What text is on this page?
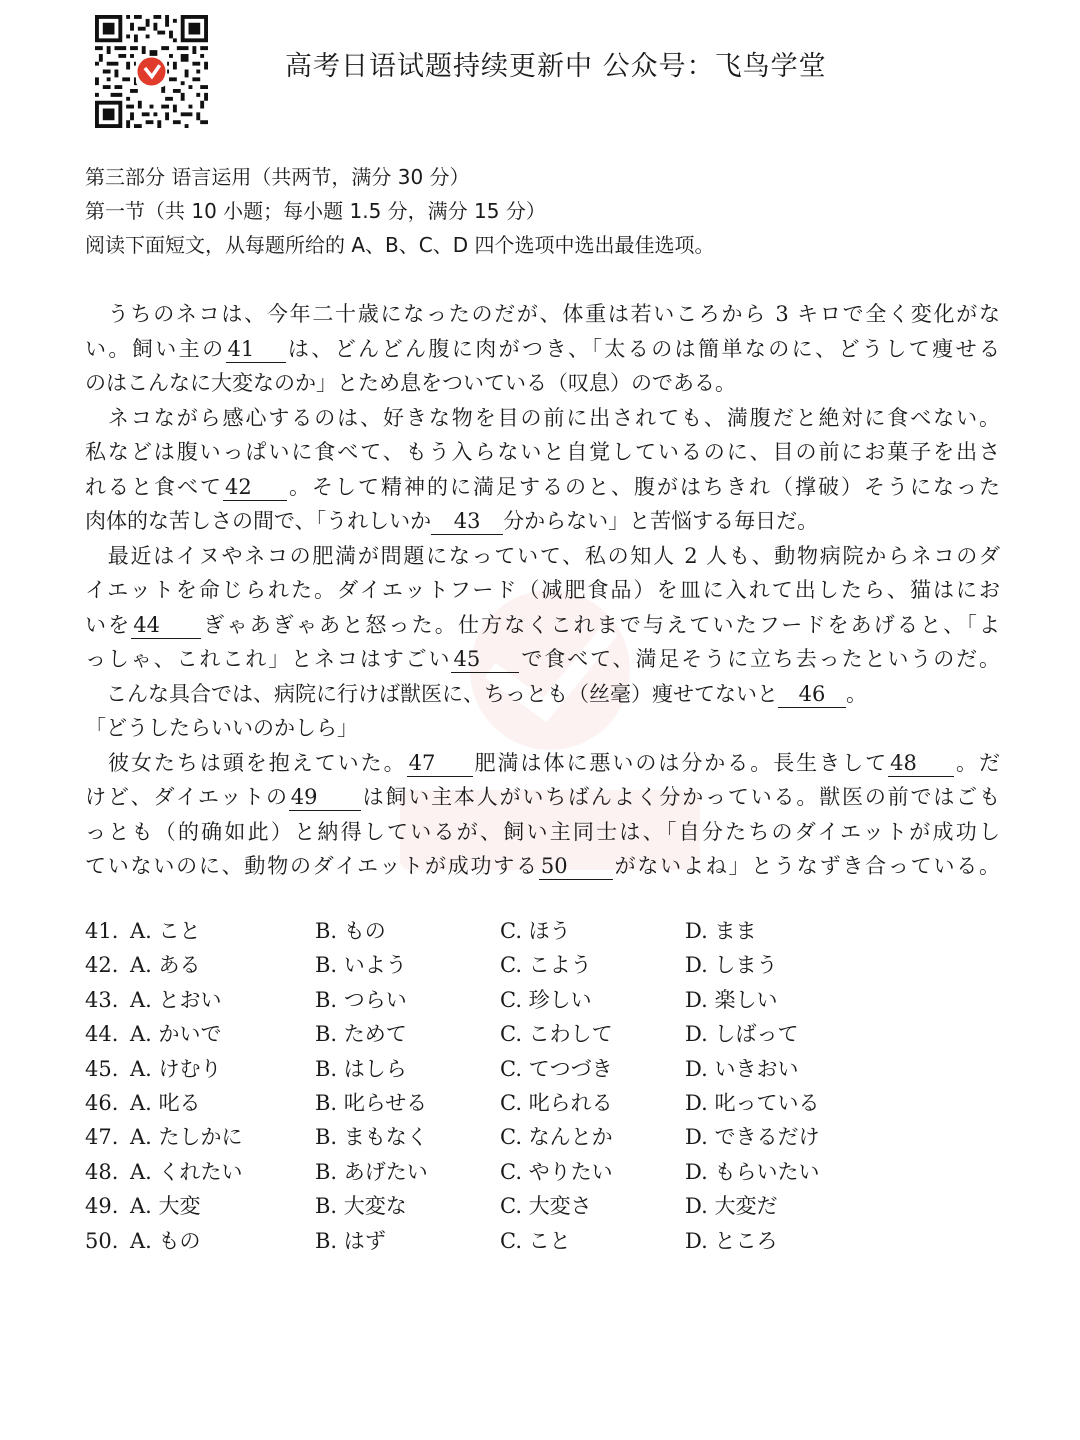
高考日语试题持续更新中 公众号：飞鸟学堂
第三部分 语言运用（共两节，满分 30 分）
第一节（共 10 小题；每小题 1.5 分，满分 15 分）
阅读下面短文，从每题所给的 A、B、C、D 四个选项中选出最佳选项。
　うちのネコは、今年二十歳になったのだが、体重は若いころから 3 キロで全く変化がな
い。飼い主の41 は、どんどん腹に肉がつき、「太るのは簡単なのに、どうして痩せる
のはこんなに大変なのか」とため息をついている（叹息）のである。
　ネコながら感心するのは、好きな物を目の前に出されても、満腹だと絶対に食べない。
私などは腹いっぱいに食べて、もう入らないと自覚しているのに、目の前にお菓子を出さ
れると食べて42 。そして精神的に満足するのと、腹がはちきれ（撑破）そうになった
肉体的な苦しさの間で、「うれしいか 43 分からない」と苦悩する毎日だ。
　最近はイヌやネコの肥満が問題になっていて、私の知人 2 人も、動物病院からネコのダ
イエットを命じられた。ダイエットフード（减肥食品）を皿に入れて出したら、猫はにお
いを44 ぎゃあぎゃあと怒った。仕方なくこれまで与えていたフードをあげると、「よ
っしゃ、これこれ」とネコはすごい45 で食べて、満足そうに立ち去ったというのだ。
　こんな具合では、病院に行けば獣医に、ちっとも（丝毫）痩せてないと 46 。
「どうしたらいいのかしら」
　彼女たちは頭を抱えていた。47 肥満は体に悪いのは分かる。長生きして48 。だ
けど、ダイエットの49 は飼い主本人がいちばんよく分かっている。獣医の前ではごも
っとも（的确如此）と納得しているが、飼い主同士は、「自分たちのダイエットが成功し
ていないのに、動物のダイエットが成功する50 がないよね」とうなずき合っている。
41. A. こと	B. もの	C. ほう	D. まま
42. A. ある	B. いよう	C. こよう	D. しまう
43. A. とおい	B. つらい	C. 珍しい	D. 楽しい
44. A. かいで	B. ためて	C. こわして	D. しばって
45. A. けむり	B. はしら	C. てつづき	D. いきおい
46. A. 叱る	B. 叱らせる	C. 叱られる	D. 叱っている
47. A. たしかに	B. まもなく	C. なんとか	D. できるだけ
48. A. くれたい	B. あげたい	C. やりたい	D. もらいたい
49. A. 大変	B. 大変な	C. 大変さ	D. 大変だ
50. A. もの	B. はず	C. こと	D. ところ
